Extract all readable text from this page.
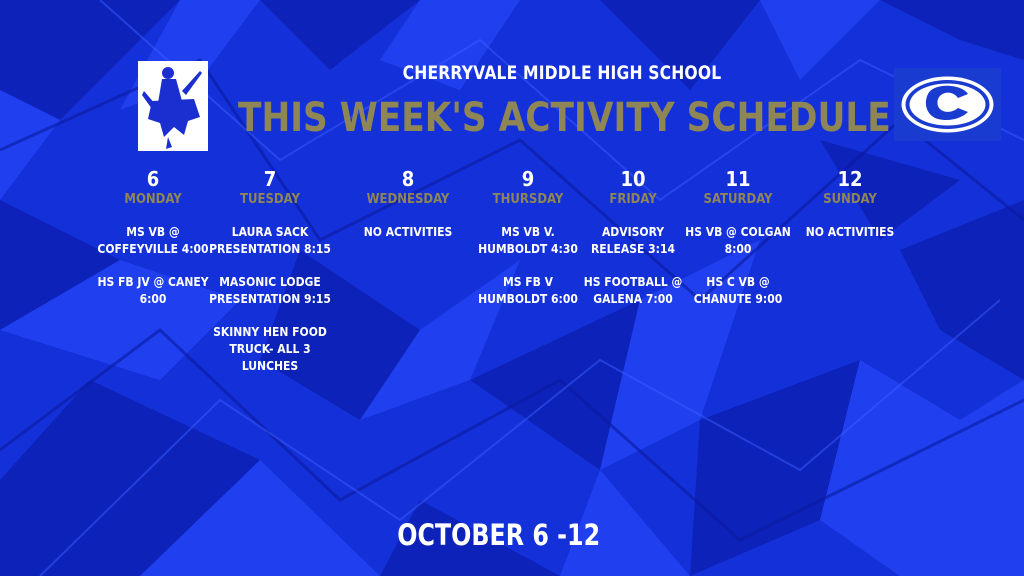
CHERRYVALE MIDDLE HIGH SCHOOL
THIS WEEK'S ACTIVITY SCHEDULE
6
MONDAY
MS VB @
COFFEYVILLE 4:00
HS FB JV @ CANEY
6:00
7
TUESDAY
LAURA SACK
PRESENTATION 8:15
MASONIC LODGE
PRESENTATION 9:15
SKINNY HEN FOOD
TRUCK- ALL 3 LUNCHES
8
WEDNESDAY
NO ACTIVITIES
9
THURSDAY
MS VB V.
HUMBOLDT 4:30
MS FB V
HUMBOLDT 6:00
10
FRIDAY
ADVISORY
RELEASE 3:14
HS FOOTBALL @
GALENA 7:00
11
SATURDAY
HS VB @ COLGAN
8:00
HS C VB @
CHANUTE 9:00
12
SUNDAY
NO ACTIVITIES
OCTOBER 6 -12
